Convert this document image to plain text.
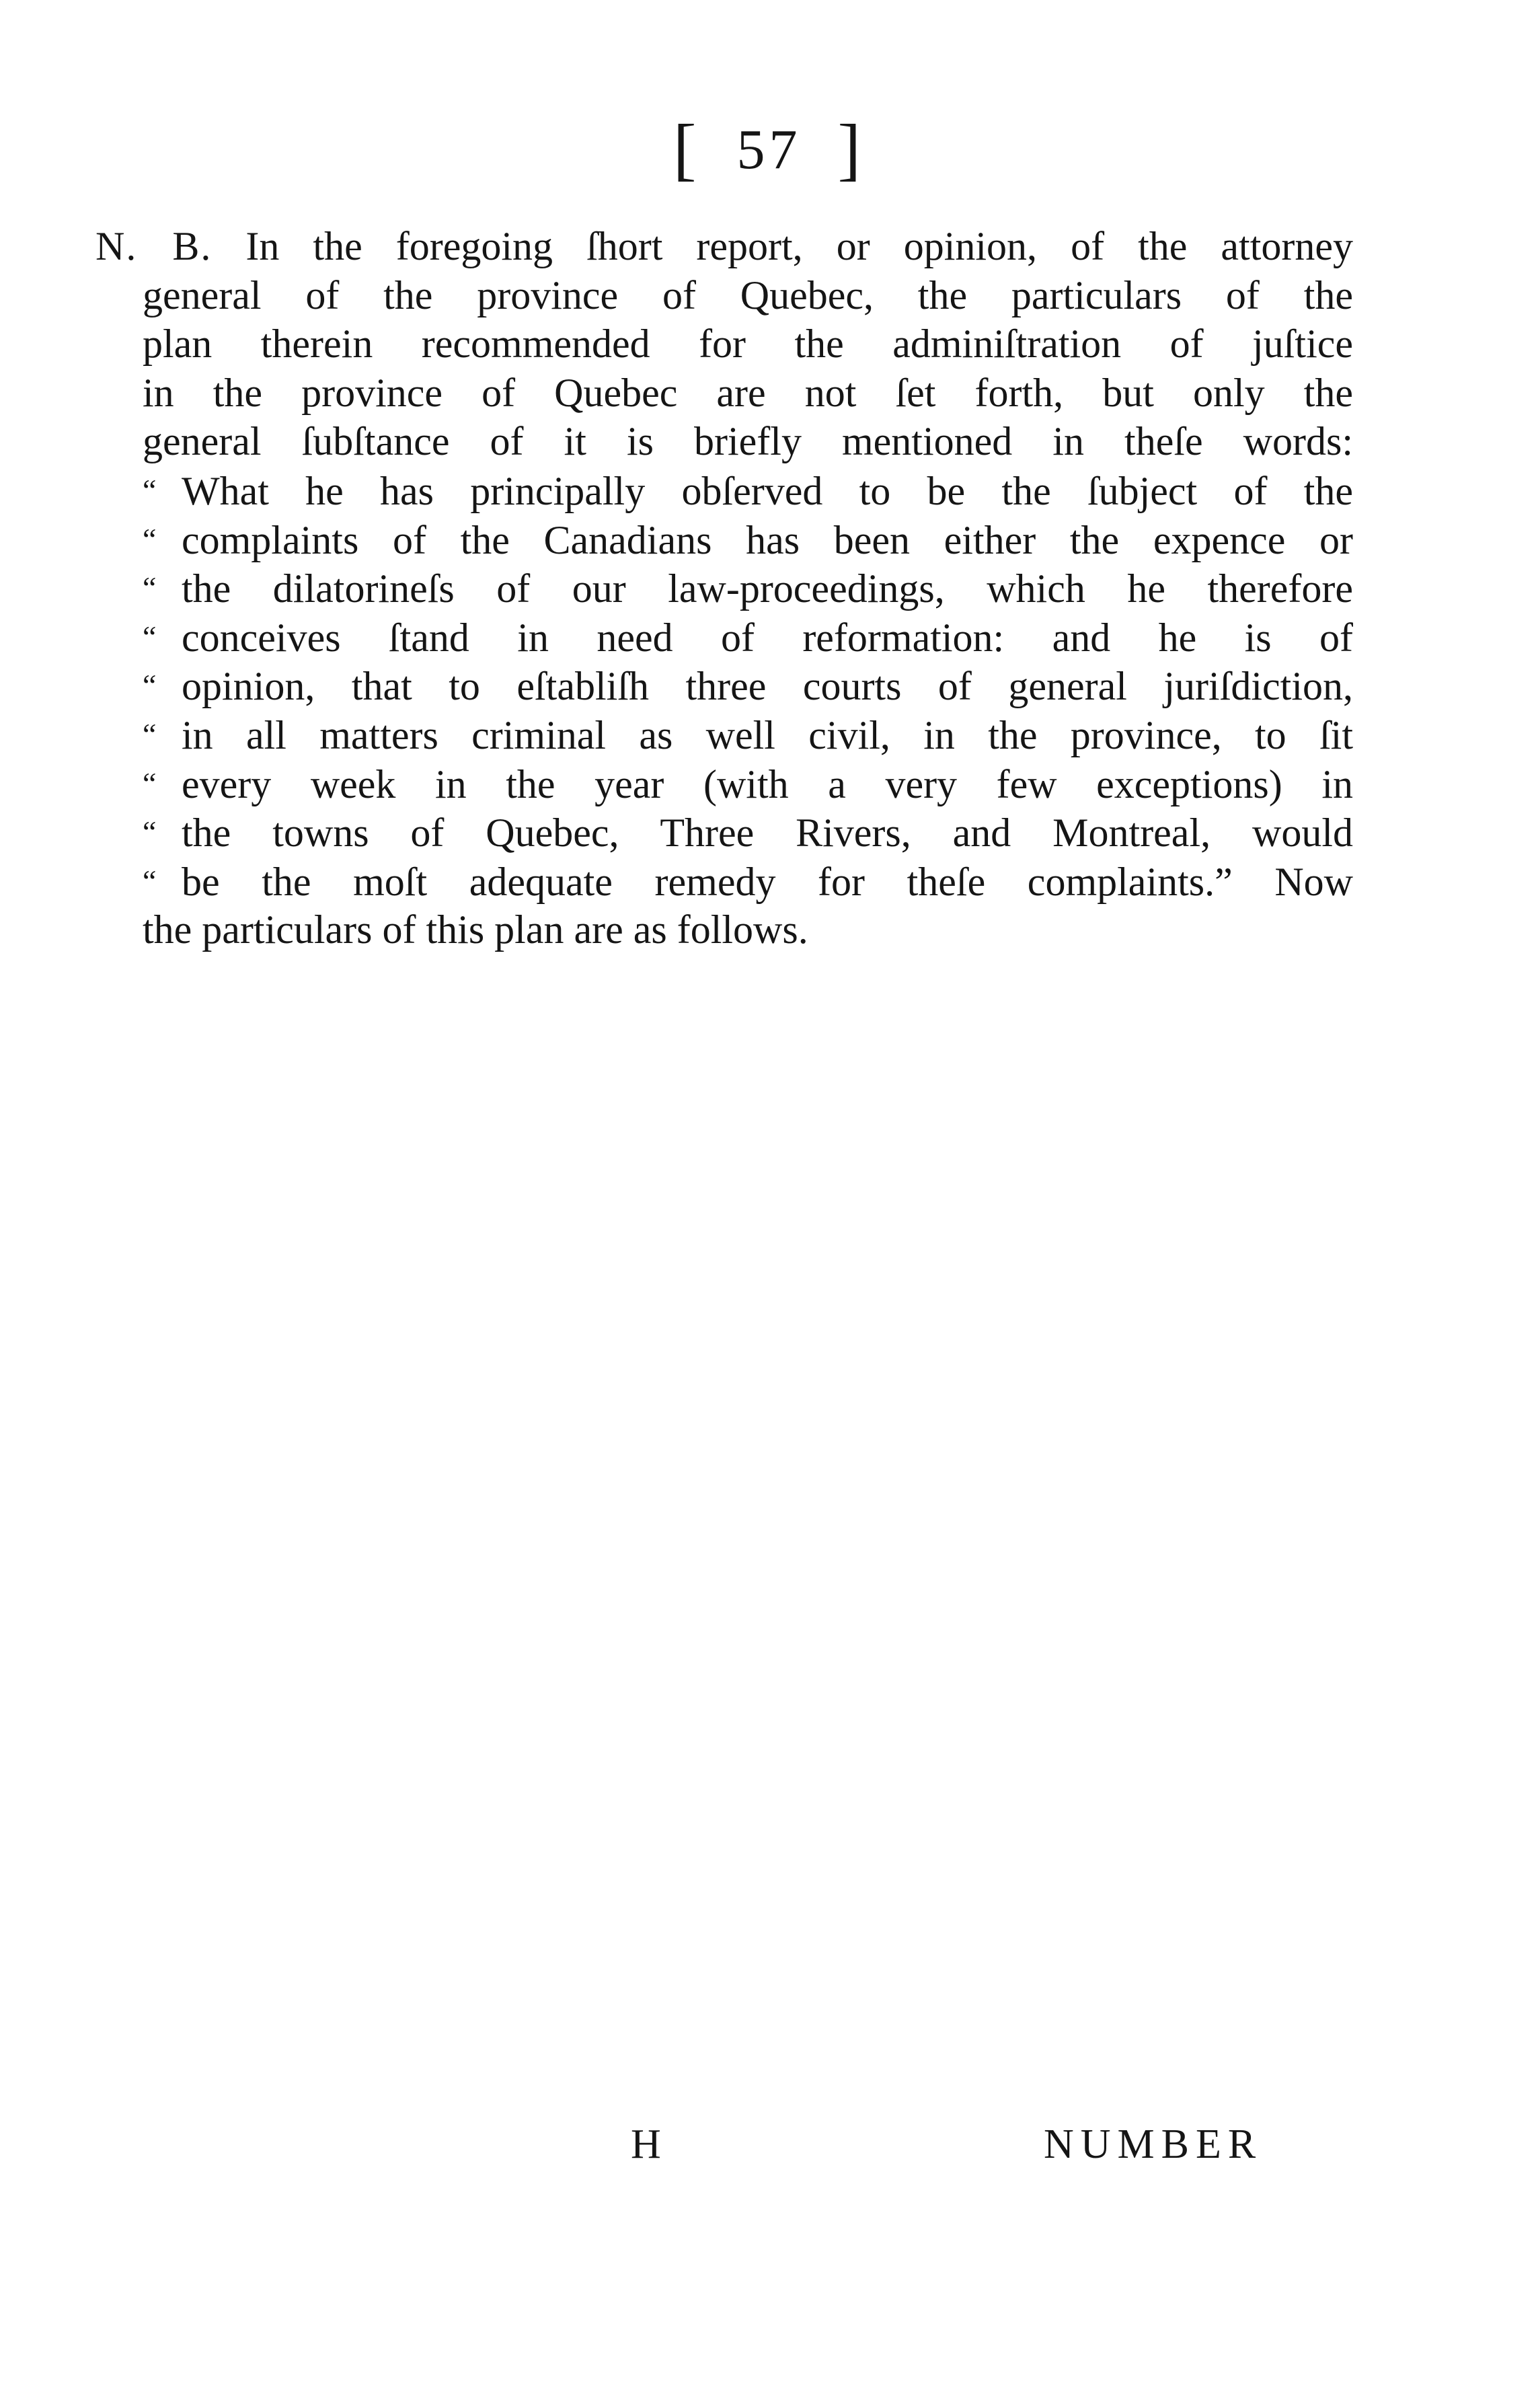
[ 57 ]
N. B. In the foregoing ſhort report, or opinion, of the attorney
general of the province of Quebec, the particulars of the
plan therein recommended for the adminiſtration of juſtice
in the province of Quebec are not ſet forth, but only the
general ſubſtance of it is briefly mentioned in theſe words:
“ What he has principally obſerved to be the ſubject of the
“ complaints of the Canadians has been either the expence or
“ the dilatorineſs of our law-proceedings, which he therefore
“ conceives ſtand in need of reformation: and he is of
“ opinion, that to eſtabliſh three courts of general juriſdiction,
“ in all matters criminal as well civil, in the province, to ſit
“ every week in the year (with a very few exceptions) in
“ the towns of Quebec, Three Rivers, and Montreal, would
“ be the moſt adequate remedy for theſe complaints.” Now
the particulars of this plan are as follows.
H	NUMBER
